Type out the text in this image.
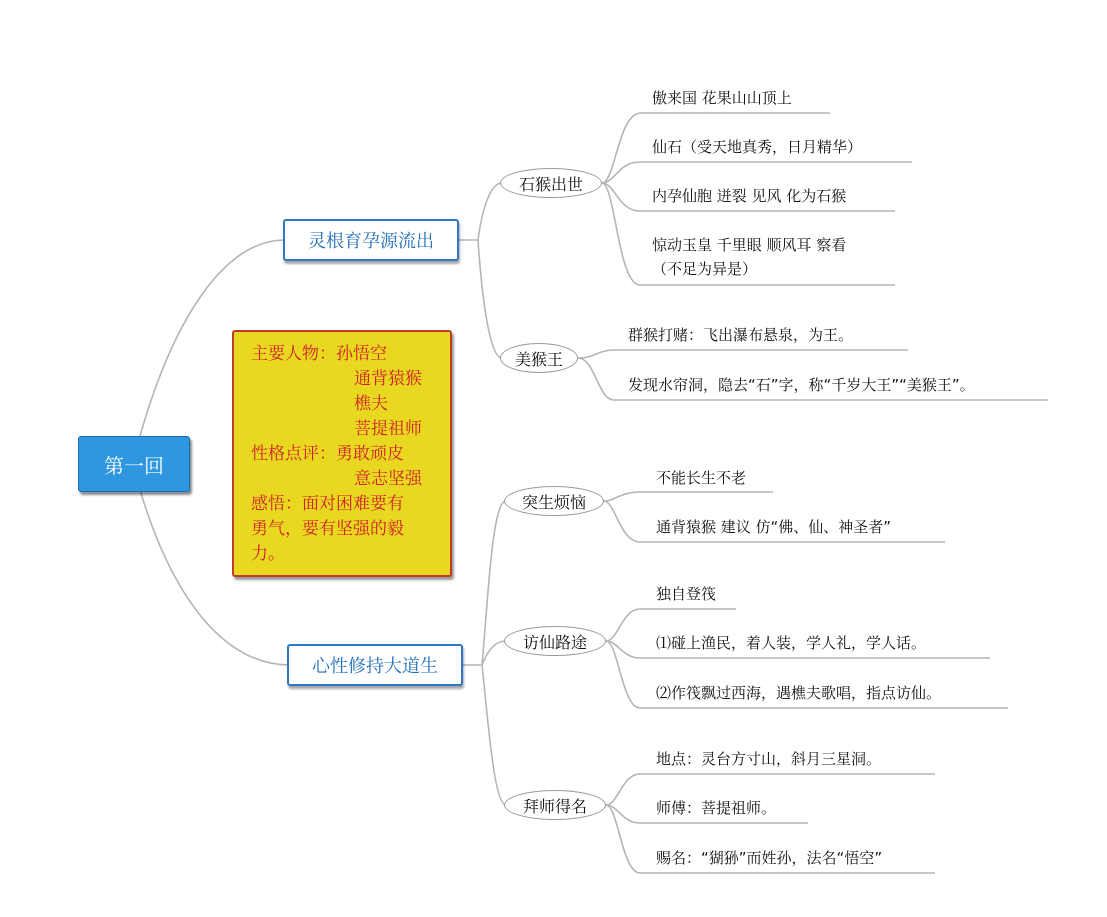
第一回
灵根育孕源流出
心性修持大道生
主要人物：孙悟空
通背猿猴
樵夫
菩提祖师
性格点评：勇敢顽皮
意志坚强
感悟：面对困难要有
勇气，要有坚强的毅
力。
石猴出世
美猴王
突生烦恼
访仙路途
拜师得名
傲来国 花果山山顶上
仙石（受天地真秀，日月精华）
内孕仙胞 迸裂 见风 化为石猴
惊动玉皇 千里眼 顺风耳 察看
（不足为异是）
群猴打赌：飞出瀑布悬泉，为王。
发现水帘洞，隐去“石”字，称“千岁大王”“美猴王”。
不能长生不老
通背猿猴 建议 仿“佛、仙、神圣者”
独自登筏
⑴碰上渔民，着人装，学人礼，学人话。
⑵作筏飘过西海，遇樵夫歌唱，指点访仙。
地点：灵台方寸山，斜月三星洞。
师傅：菩提祖师。
赐名：“猢狲”而姓孙，法名“悟空”
